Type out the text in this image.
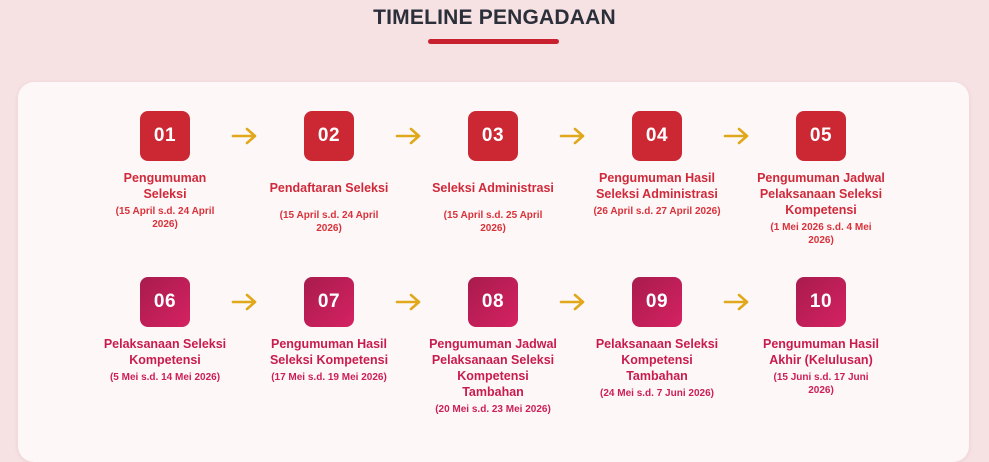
TIMELINE PENGADAAN
01
Pengumuman Seleksi
(15 April s.d. 24 April 2026)
02
Pendaftaran Seleksi
(15 April s.d. 24 April 2026)
03
Seleksi Administrasi
(15 April s.d. 25 April 2026)
04
Pengumuman Hasil Seleksi Administrasi
(26 April s.d. 27 April 2026)
05
Pengumuman Jadwal Pelaksanaan Seleksi Kompetensi
(1 Mei 2026 s.d. 4 Mei 2026)
06
Pelaksanaan Seleksi Kompetensi
(5 Mei s.d. 14 Mei 2026)
07
Pengumuman Hasil Seleksi Kompetensi
(17 Mei s.d. 19 Mei 2026)
08
Pengumuman Jadwal Pelaksanaan Seleksi Kompetensi Tambahan
(20 Mei s.d. 23 Mei 2026)
09
Pelaksanaan Seleksi Kompetensi Tambahan
(24 Mei s.d. 7 Juni 2026)
10
Pengumuman Hasil Akhir (Kelulusan)
(15 Juni s.d. 17 Juni 2026)
